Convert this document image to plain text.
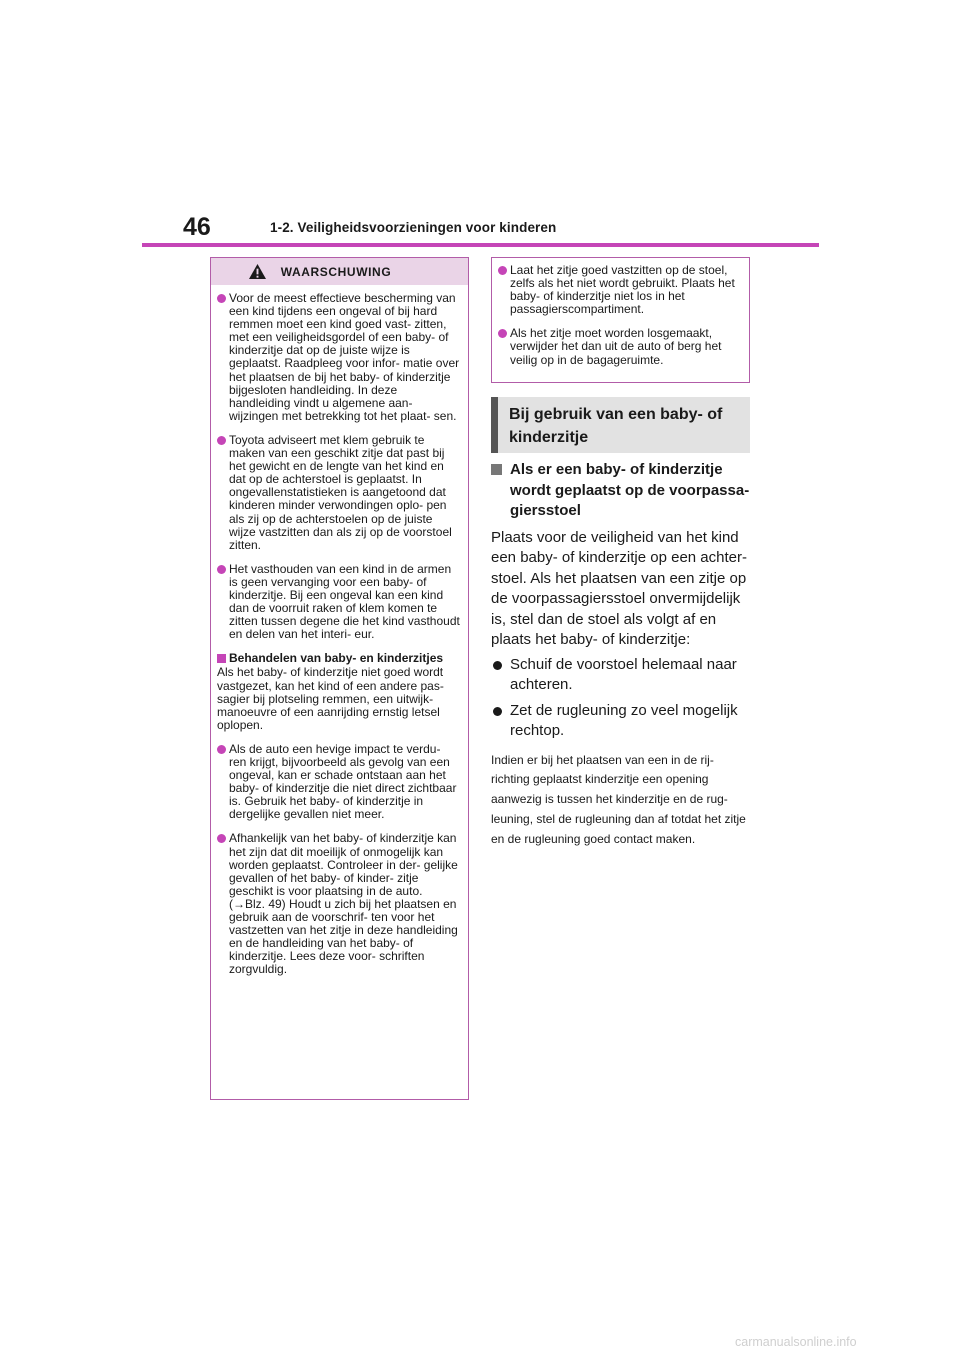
46	1-2. Veiligheidsvoorzieningen voor kinderen
WAARSCHUWING
Voor de meest effectieve bescherming van een kind tijdens een ongeval of bij hard remmen moet een kind goed vast- zitten, met een veiligheidsgordel of een baby- of kinderzitje dat op de juiste wijze is geplaatst. Raadpleeg voor infor- matie over het plaatsen de bij het baby- of kinderzitje bijgesloten handleiding. In deze handleiding vindt u algemene aan- wijzingen met betrekking tot het plaat- sen.
Toyota adviseert met klem gebruik te maken van een geschikt zitje dat past bij het gewicht en de lengte van het kind en dat op de achterstoel is geplaatst. In ongevallenstatistieken is aangetoond dat kinderen minder verwondingen oplo- pen als zij op de achterstoelen op de juiste wijze vastzitten dan als zij op de voorstoel zitten.
Het vasthouden van een kind in de armen is geen vervanging voor een baby- of kinderzitje. Bij een ongeval kan een kind dan de voorruit raken of klem komen te zitten tussen degene die het kind vasthoudt en delen van het interi- eur.
Behandelen van baby- en kinderzitjes
Als het baby- of kinderzitje niet goed wordt vastgezet, kan het kind of een andere pas- sagier bij plotseling remmen, een uitwijk- manoeuvre of een aanrijding ernstig letsel oplopen.
Als de auto een hevige impact te verdu- ren krijgt, bijvoorbeeld als gevolg van een ongeval, kan er schade ontstaan aan het baby- of kinderzitje die niet direct zichtbaar is. Gebruik het baby- of kinderzitje in dergelijke gevallen niet meer.
Afhankelijk van het baby- of kinderzitje kan het zijn dat dit moeilijk of onmogelijk kan worden geplaatst. Controleer in der- gelijke gevallen of het baby- of kinder- zitje geschikt is voor plaatsing in de auto. (→Blz. 49) Houdt u zich bij het plaatsen en gebruik aan de voorschrif- ten voor het vastzetten van het zitje in deze handleiding en de handleiding van het baby- of kinderzitje. Lees deze voor- schriften zorgvuldig.
Laat het zitje goed vastzitten op de stoel, zelfs als het niet wordt gebruikt. Plaats het baby- of kinderzitje niet los in het passagierscompartiment.
Als het zitje moet worden losgemaakt, verwijder het dan uit de auto of berg het veilig op in de bagageruimte.
Bij gebruik van een baby- of kinderzitje
Als er een baby- of kinderzitje wordt geplaatst op de voorpassa- giersstoel
Plaats voor de veiligheid van het kind een baby- of kinderzitje op een achter- stoel. Als het plaatsen van een zitje op de voorpassagiersstoel onvermijdelijk is, stel dan de stoel als volgt af en plaats het baby- of kinderzitje:
Schuif de voorstoel helemaal naar achteren.
Zet de rugleuning zo veel mogelijk rechtop.
Indien er bij het plaatsen van een in de rij- richting geplaatst kinderzitje een opening aanwezig is tussen het kinderzitje en de rug- leuning, stel de rugleuning dan af totdat het zitje en de rugleuning goed contact maken.
carmanualsonline.info
